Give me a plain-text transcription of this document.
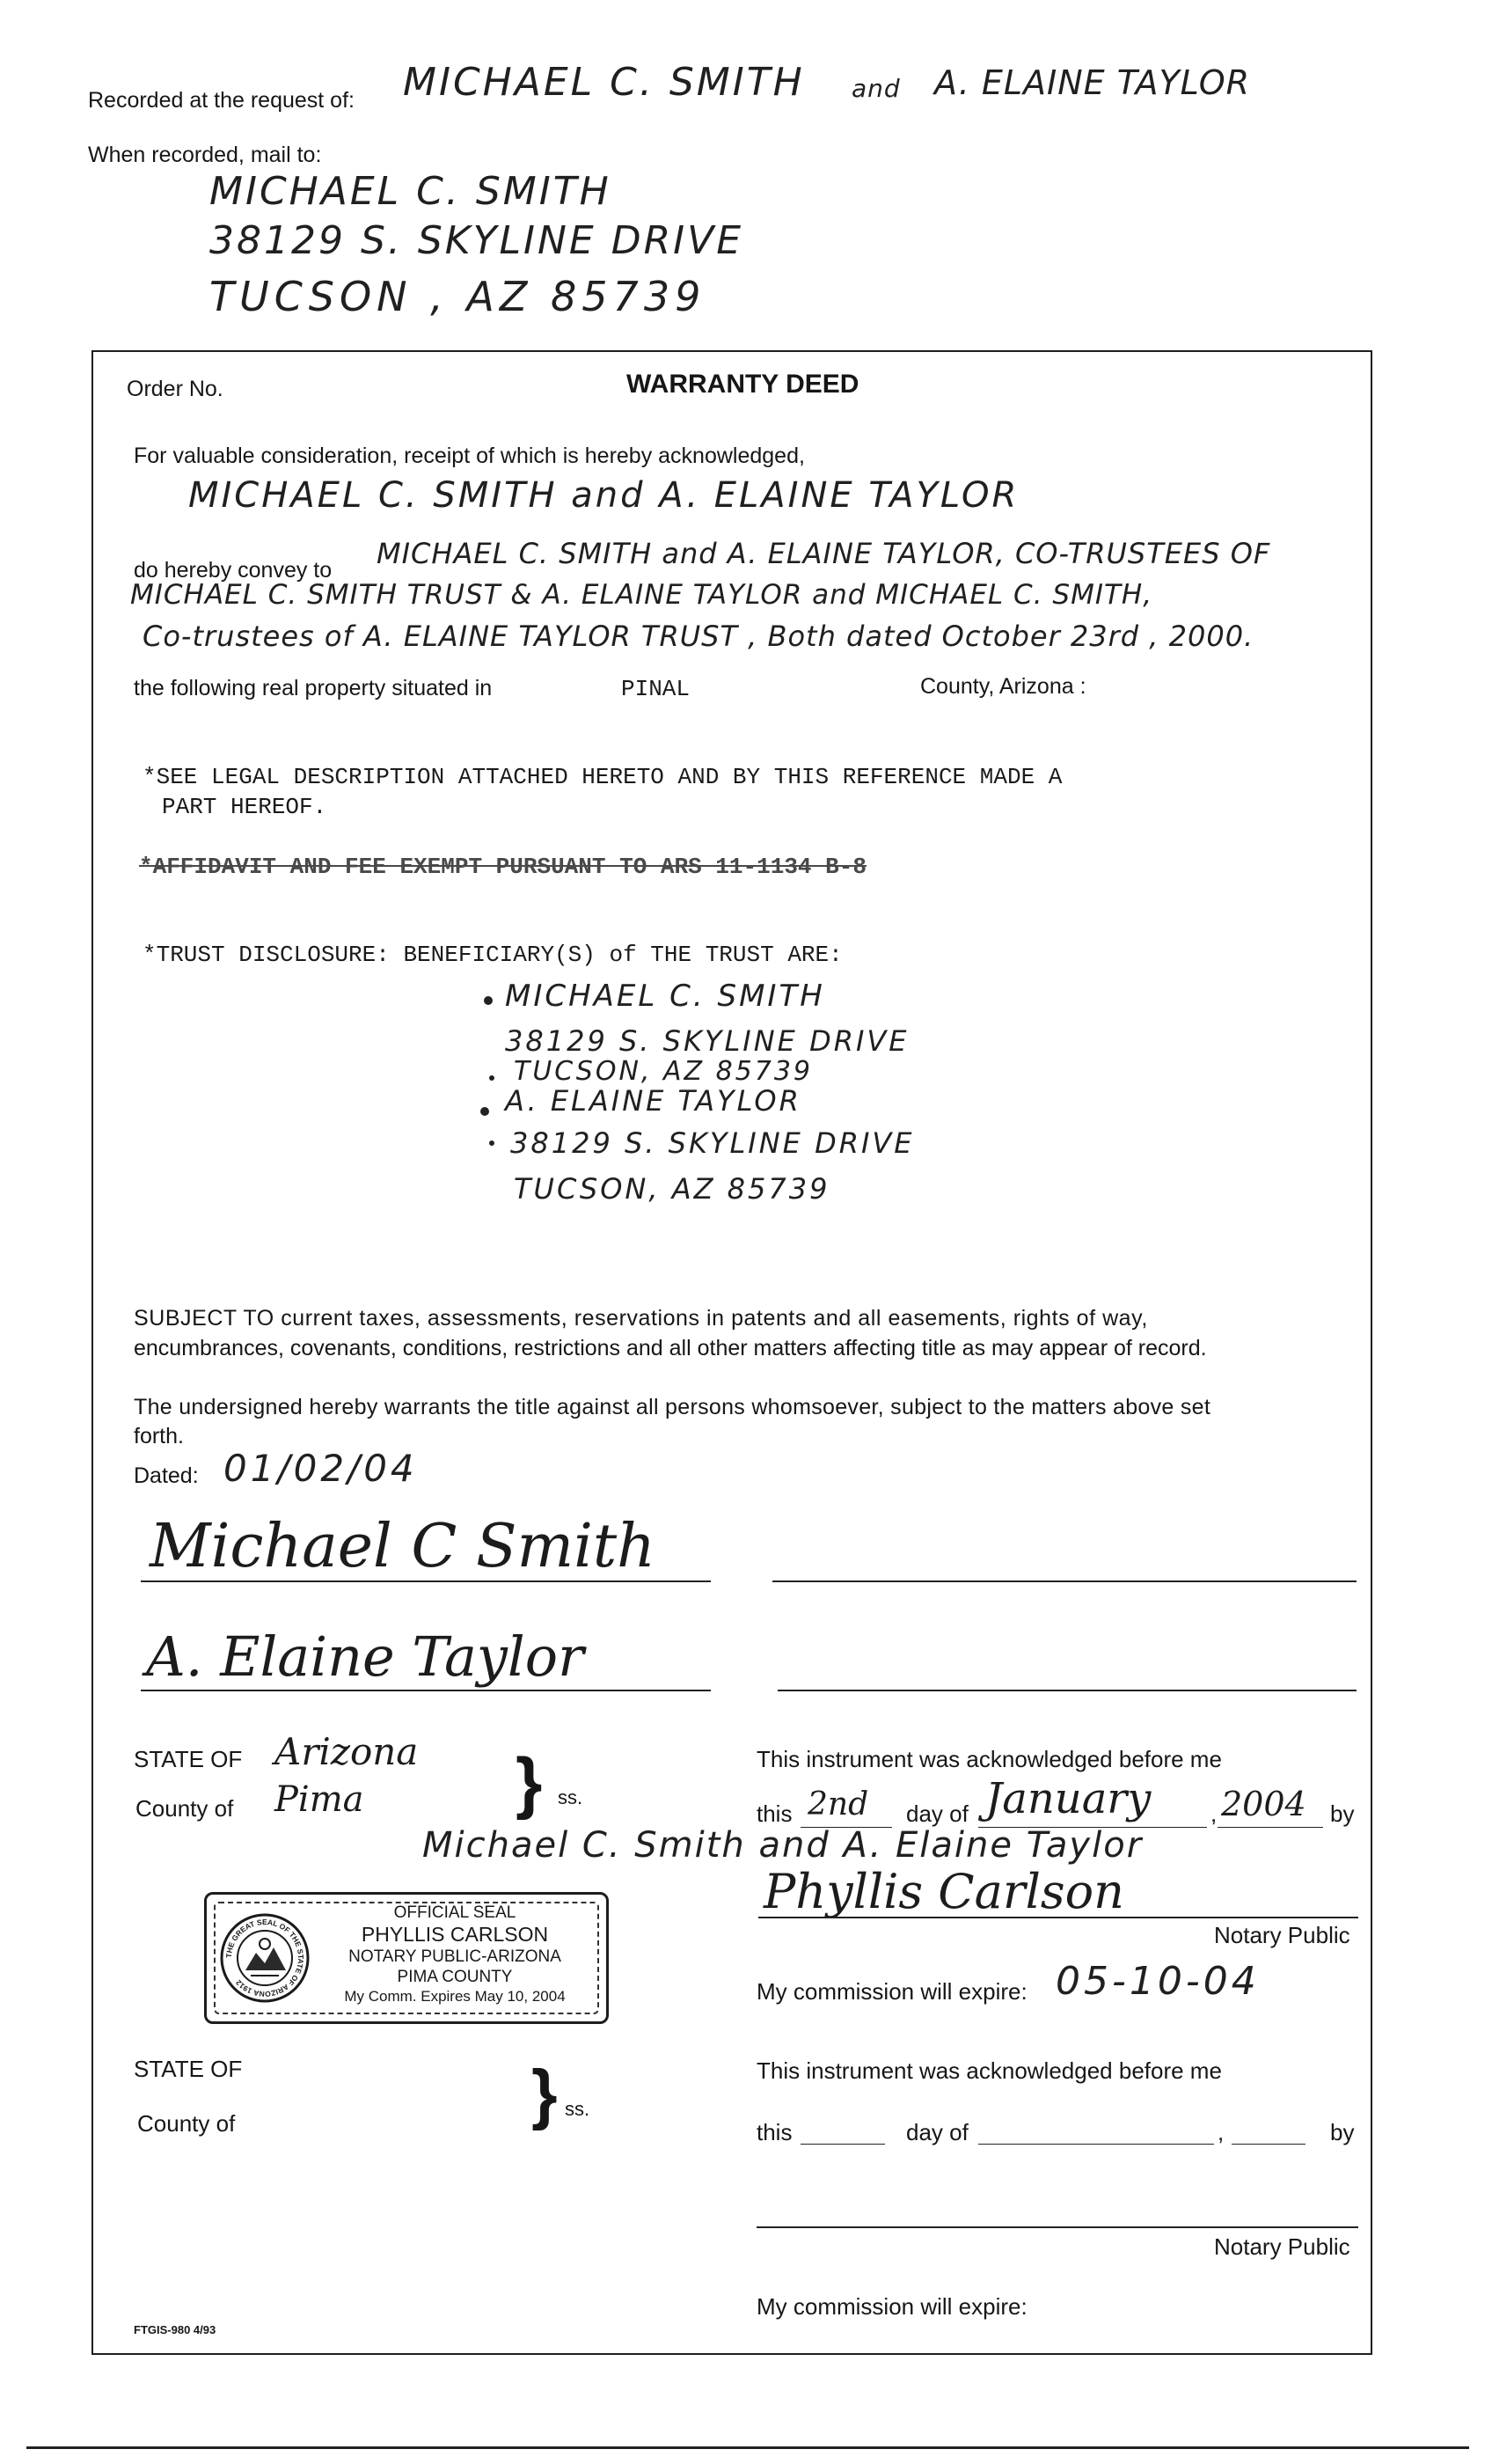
Recorded at the request of: MICHAEL C. SMITH and A. ELAINE TAYLOR
When recorded, mail to:
MICHAEL C. SMITH
38129 S. SKYLINE DRIVE
TUCSON , AZ 85739
Order No.	WARRANTY DEED
For valuable consideration, receipt of which is hereby acknowledged,
MICHAEL C. SMITH and A. ELAINE TAYLOR
do hereby convey to MICHAEL C. SMITH and A. ELAINE TAYLOR, CO-TRUSTEES OF
MICHAEL C. SMITH TRUST & A. ELAINE TAYLOR and MICHAEL C. SMITH,
Co-trustees of A. ELAINE TAYLOR TRUST , Both dated October 23rd , 2000.
the following real property situated in	PINAL	County, Arizona :
*SEE LEGAL DESCRIPTION ATTACHED HERETO AND BY THIS REFERENCE MADE A
PART HEREOF.
*AFFIDAVIT AND FEE EXEMPT PURSUANT TO ARS 11-1134 B-8
*TRUST DISCLOSURE: BENEFICIARY(S) of THE TRUST ARE:
MICHAEL C. SMITH
38129 S. SKYLINE DRIVE
TUCSON, AZ 85739
A. ELAINE TAYLOR
38129 S. SKYLINE DRIVE
TUCSON, AZ 85739
SUBJECT TO current taxes, assessments, reservations in patents and all easements, rights of way,
encumbrances, covenants, conditions, restrictions and all other matters affecting title as may appear of record.
The undersigned hereby warrants the title against all persons whomsoever, subject to the matters above set
forth.
Dated: 01/02/04
Michael C Smith
A. Elaine Taylor
STATE OF Arizona
County of Pima } ss.
This instrument was acknowledged before me
this 2nd day of January	, 2004 by
Michael C. Smith and A. Elaine Taylor
Phyllis Carlson
Notary Public
My commission will expire: 05-10-04
THE GREAT SEAL OF THE STATE OF ARIZONA 1912
OFFICIAL SEAL
PHYLLIS CARLSON
NOTARY PUBLIC-ARIZONA
PIMA COUNTY
My Comm. Expires May 10, 2004
STATE OF
County of	} ss.
This instrument was acknowledged before me
this	day of	,	by
Notary Public
My commission will expire:
FTGIS-980 4/93
